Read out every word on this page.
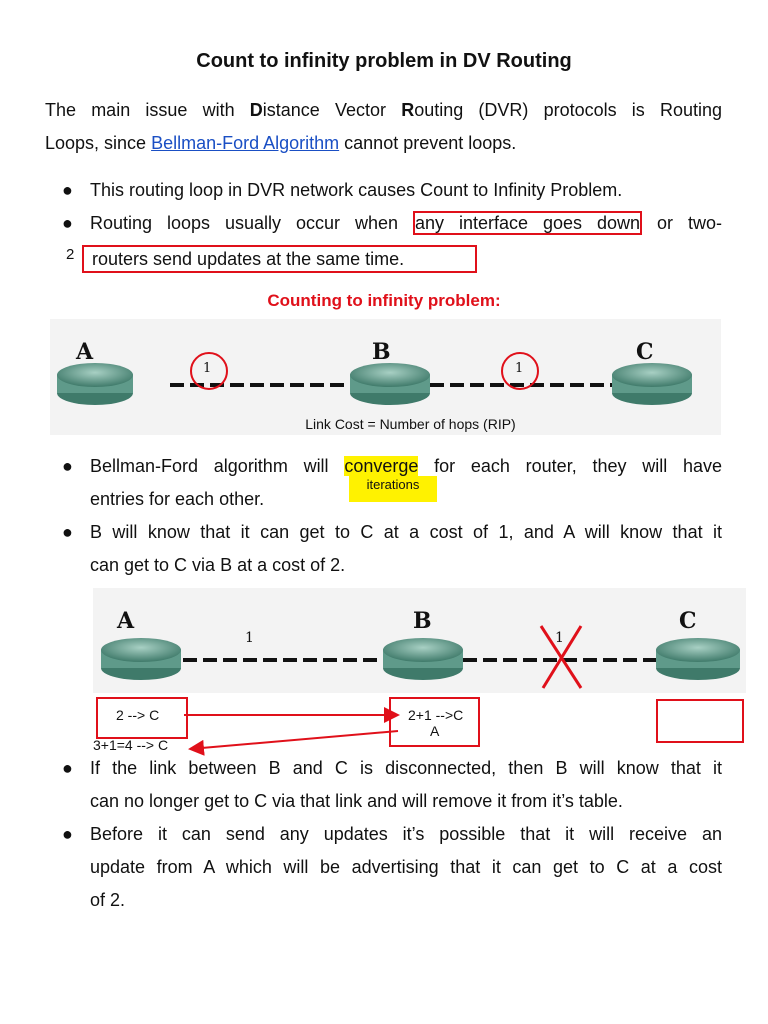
Count to infinity problem in DV Routing
The main issue with Distance Vector Routing (DVR) protocols is Routing
Loops, since Bellman-Ford Algorithm cannot prevent loops.
● This routing loop in DVR network causes Count to Infinity Problem.
● Routing loops usually occur when any interface goes down or two-
2 routers send updates at the same time.
Counting to infinity problem:
A	B	C
1	1
Link Cost = Number of hops (RIP)
● Bellman-Ford algorithm will converge for each router, they will have
entries for each other.
iterations
● B will know that it can get to C at a cost of 1, and A will know that it
can get to C via B at a cost of 2.
A	B	C
1	1
2 --> C	2+1 -->C
A
3+1=4 --> C
● If the link between B and C is disconnected, then B will know that it
can no longer get to C via that link and will remove it from it’s table.
● Before it can send any updates it’s possible that it will receive an
update from A which will be advertising that it can get to C at a cost
of 2.
